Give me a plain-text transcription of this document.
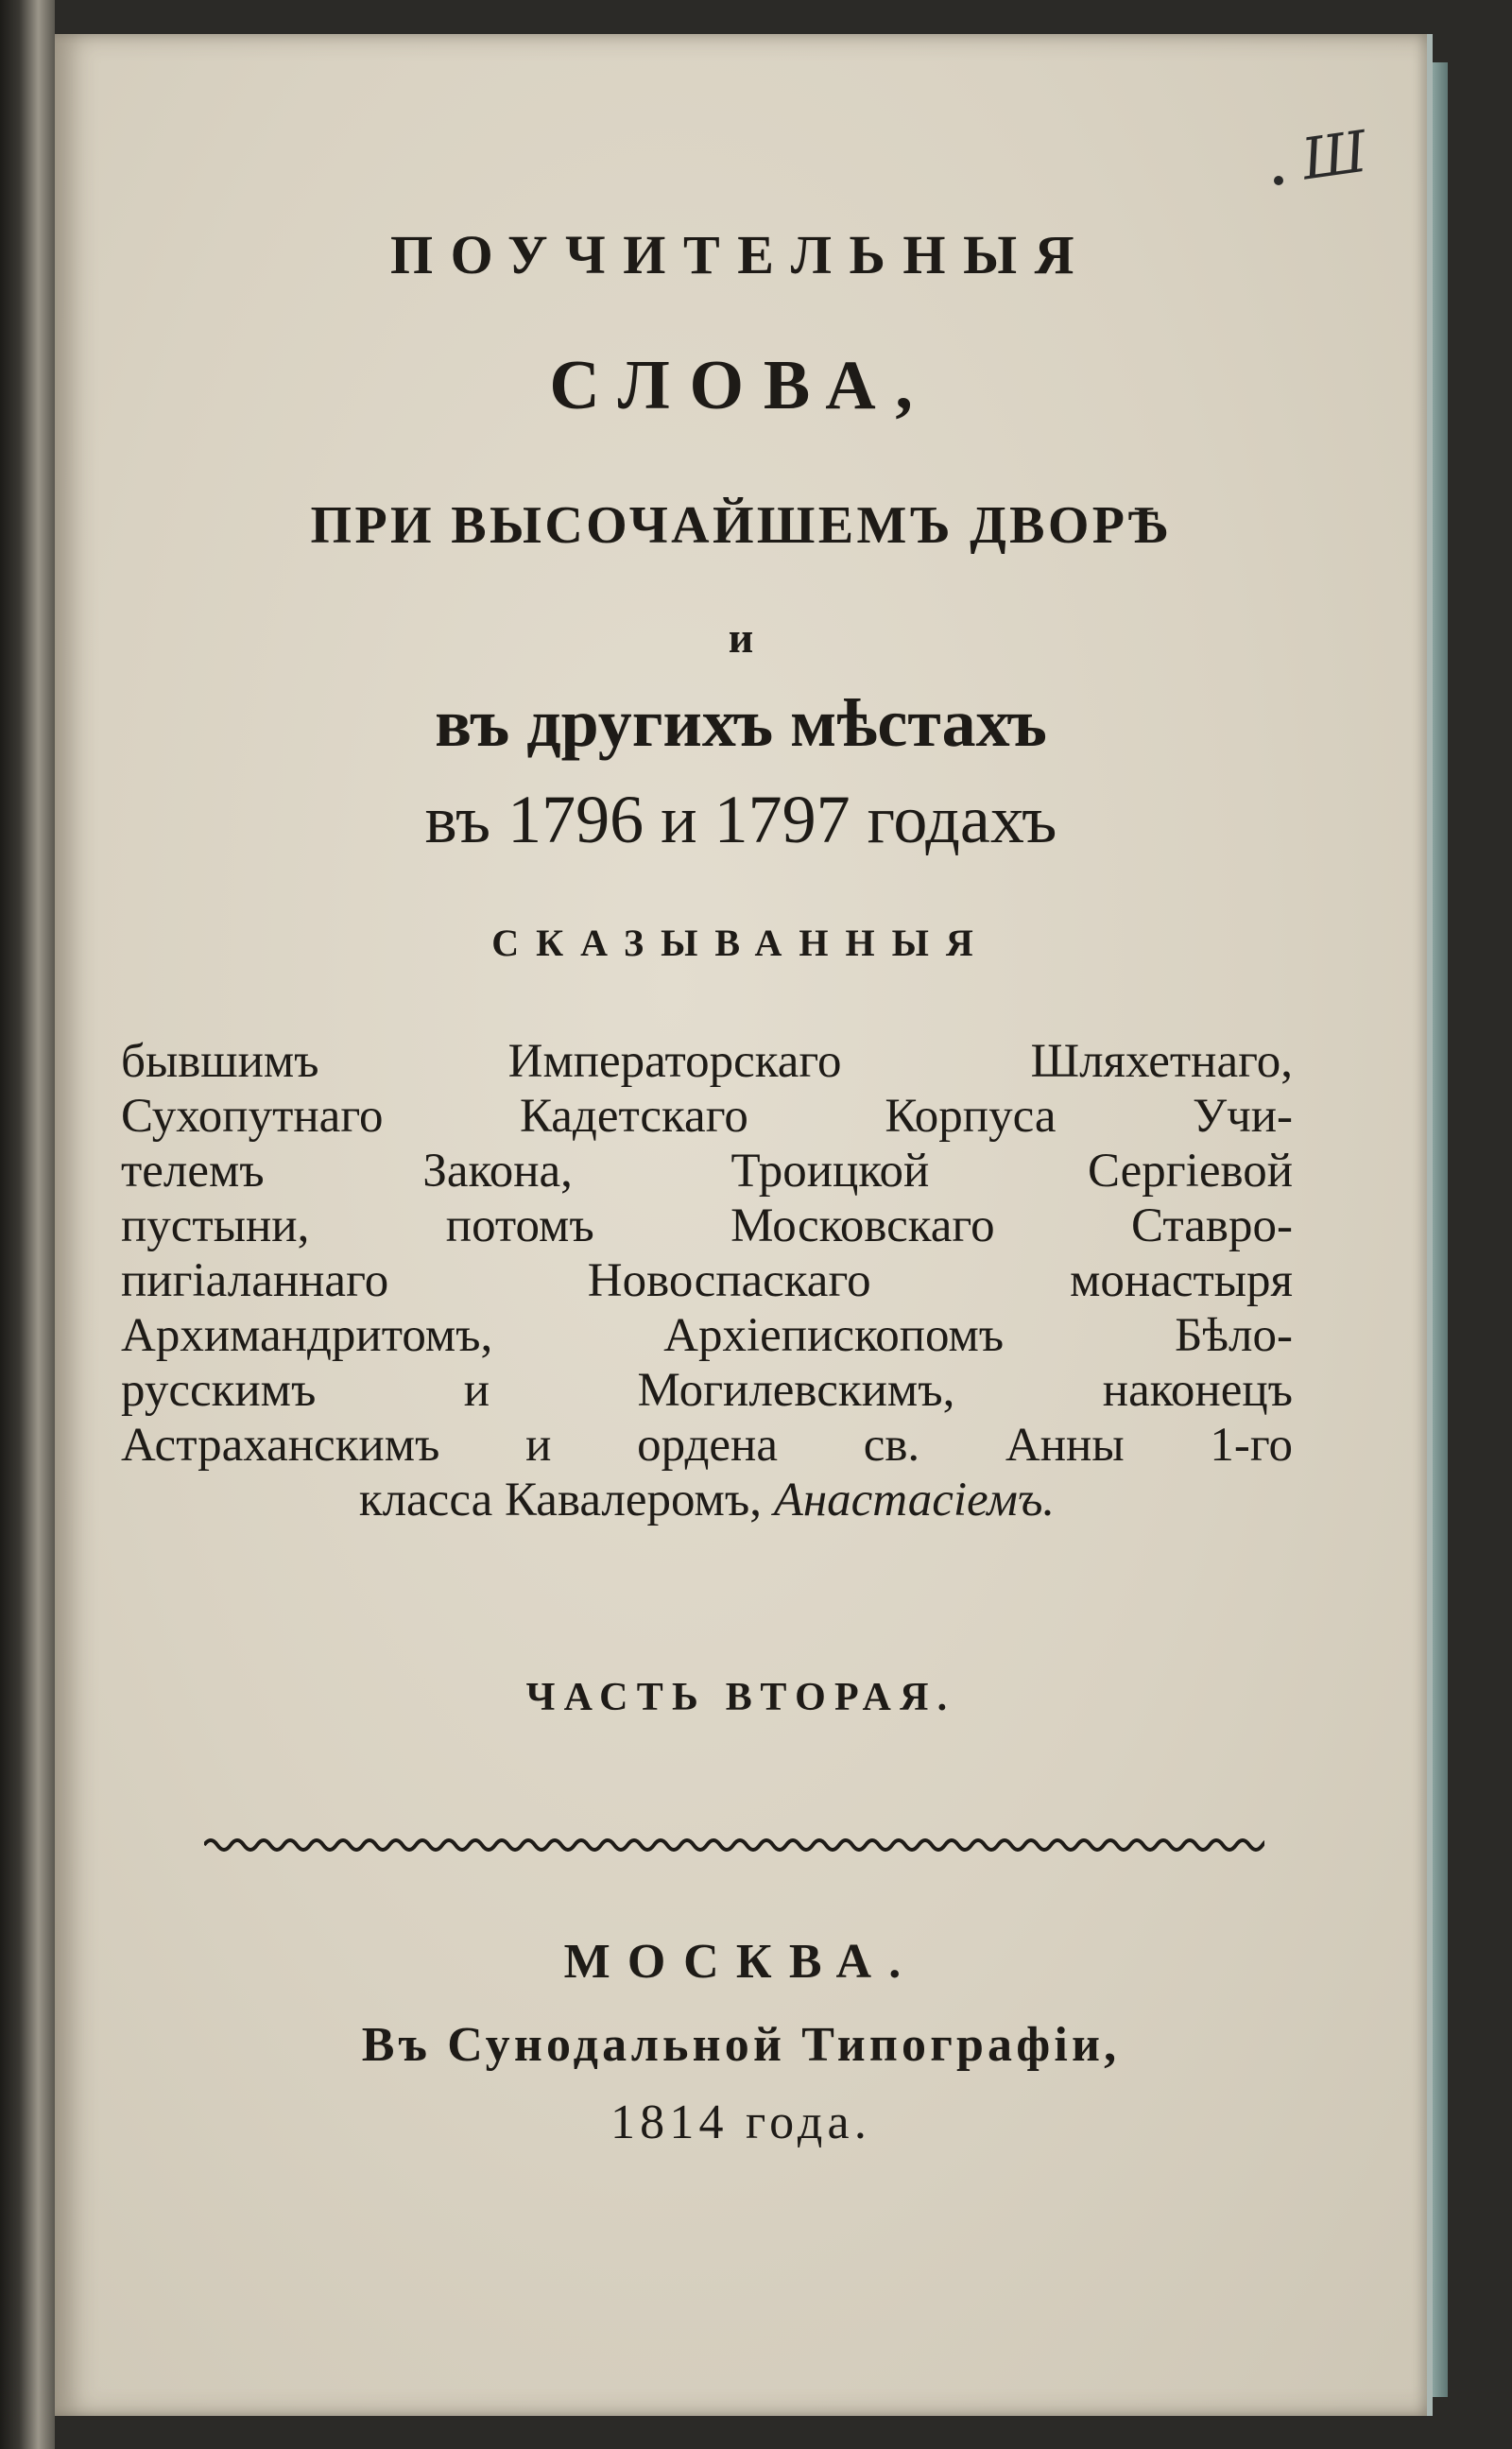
Ш
ПОУЧИТЕЛЬНЫЯ
СЛОВА,
ПРИ ВЫСОЧАЙШЕМЪ ДВОРѢ
и
въ другихъ мѣстахъ
въ 1796 и 1797 годахъ
СКАЗЫВАННЫЯ
бывшимъ Императорскаго Шляхетнаго,
Сухопутнаго Кадетскаго Корпуса Учи-
телемъ Закона, Троицкой Сергіевой
пустыни, потомъ Московскаго Ставро-
пигіаланнаго Новоспаскаго монастыря
Архимандритомъ, Архіепископомъ Бѣло-
русскимъ и Могилевскимъ, наконецъ
Астраханскимъ и ордена св. Анны 1-го
класса Кавалеромъ, Анастасіемъ.
ЧАСТЬ ВТОРАЯ.
МОСКВА.
Въ Сунодальной Типографіи,
1814 года.
